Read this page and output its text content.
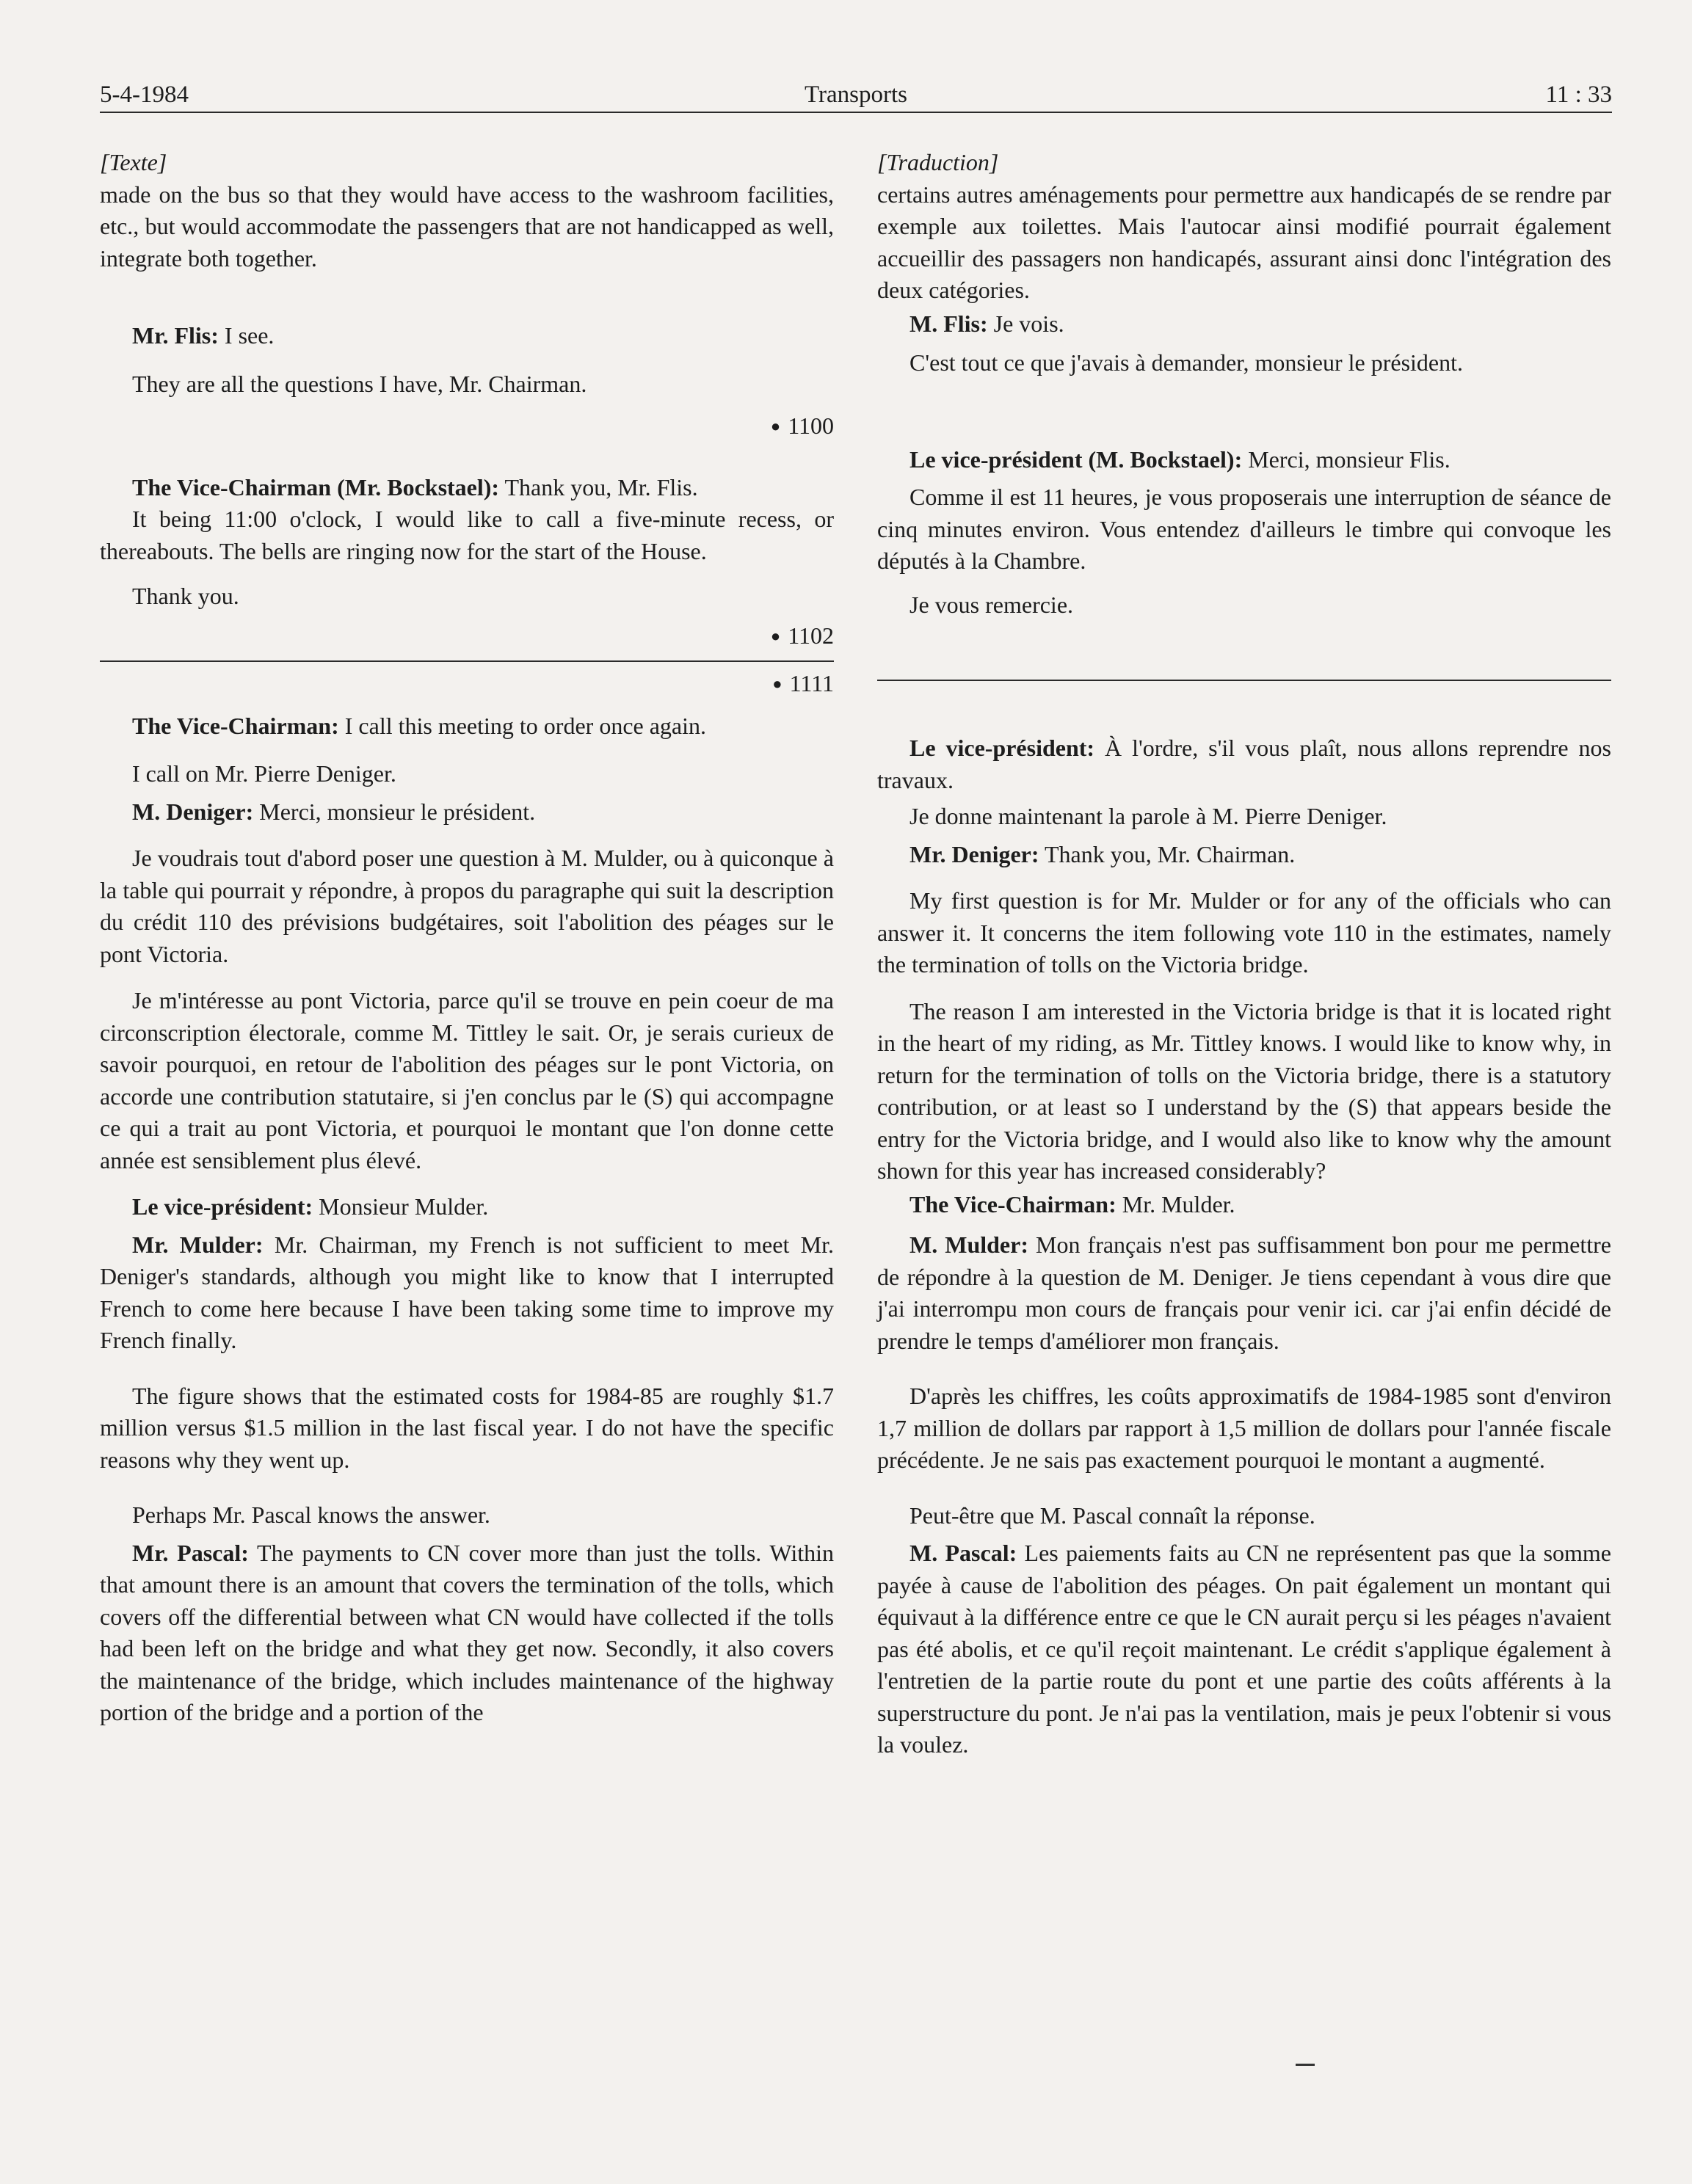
5-4-1984	Transports	11 : 33
[Texte]

made on the bus so that they would have access to the washroom facilities, etc., but would accommodate the passengers that are not handicapped as well, integrate both together.

Mr. Flis: I see.

They are all the questions I have, Mr. Chairman.

● 1100

The Vice-Chairman (Mr. Bockstael): Thank you, Mr. Flis.

It being 11:00 o'clock, I would like to call a five-minute recess, or thereabouts. The bells are ringing now for the start of the House.

Thank you.

● 1102
● 1111

The Vice-Chairman: I call this meeting to order once again.

I call on Mr. Pierre Deniger.

M. Deniger: Merci, monsieur le président.

Je voudrais tout d'abord poser une question à M. Mulder, ou à quiconque à la table qui pourrait y répondre, à propos du paragraphe qui suit la description du crédit 110 des prévisions budgétaires, soit l'abolition des péages sur le pont Victoria.

Je m'intéresse au pont Victoria, parce qu'il se trouve en pein coeur de ma circonscription électorale, comme M. Tittley le sait. Or, je serais curieux de savoir pourquoi, en retour de l'abolition des péages sur le pont Victoria, on accorde une contribution statutaire, si j'en conclus par le (S) qui accompagne ce qui a trait au pont Victoria, et pourquoi le montant que l'on donne cette année est sensiblement plus élevé.

Le vice-président: Monsieur Mulder.

Mr. Mulder: Mr. Chairman, my French is not sufficient to meet Mr. Deniger's standards, although you might like to know that I interrupted French to come here because I have been taking some time to improve my French finally.

The figure shows that the estimated costs for 1984-85 are roughly $1.7 million versus $1.5 million in the last fiscal year. I do not have the specific reasons why they went up.

Perhaps Mr. Pascal knows the answer.

Mr. Pascal: The payments to CN cover more than just the tolls. Within that amount there is an amount that covers the termination of the tolls, which covers off the differential between what CN would have collected if the tolls had been left on the bridge and what they get now. Secondly, it also covers the maintenance of the bridge, which includes maintenance of the highway portion of the bridge and a portion of the

[Traduction]

certains autres aménagements pour permettre aux handicapés de se rendre par exemple aux toilettes. Mais l'autocar ainsi modifié pourrait également accueillir des passagers non handicapés, assurant ainsi donc l'intégration des deux catégories.

M. Flis: Je vois.

C'est tout ce que j'avais à demander, monsieur le président.

Le vice-président (M. Bockstael): Merci, monsieur Flis.

Comme il est 11 heures, je vous proposerais une interruption de séance de cinq minutes environ. Vous entendez d'ailleurs le timbre qui convoque les députés à la Chambre.

Je vous remercie.

Le vice-président: À l'ordre, s'il vous plaît, nous allons reprendre nos travaux.

Je donne maintenant la parole à M. Pierre Deniger.

Mr. Deniger: Thank you, Mr. Chairman.

My first question is for Mr. Mulder or for any of the officials who can answer it. It concerns the item following vote 110 in the estimates, namely the termination of tolls on the Victoria bridge.

The reason I am interested in the Victoria bridge is that it is located right in the heart of my riding, as Mr. Tittley knows. I would like to know why, in return for the termination of tolls on the Victoria bridge, there is a statutory contribution, or at least so I understand by the (S) that appears beside the entry for the Victoria bridge, and I would also like to know why the amount shown for this year has increased considerably?

The Vice-Chairman: Mr. Mulder.

M. Mulder: Mon français n'est pas suffisamment bon pour me permettre de répondre à la question de M. Deniger. Je tiens cependant à vous dire que j'ai interrompu mon cours de français pour venir ici. car j'ai enfin décidé de prendre le temps d'améliorer mon français.

D'après les chiffres, les coûts approximatifs de 1984-1985 sont d'environ 1,7 million de dollars par rapport à 1,5 million de dollars pour l'année fiscale précédente. Je ne sais pas exactement pourquoi le montant a augmenté.

Peut-être que M. Pascal connaît la réponse.

M. Pascal: Les paiements faits au CN ne représentent pas que la somme payée à cause de l'abolition des péages. On pait également un montant qui équivaut à la différence entre ce que le CN aurait perçu si les péages n'avaient pas été abolis, et ce qu'il reçoit maintenant. Le crédit s'applique également à l'entretien de la partie route du pont et une partie des coûts afférents à la superstructure du pont. Je n'ai pas la ventilation, mais je peux l'obtenir si vous la voulez.
